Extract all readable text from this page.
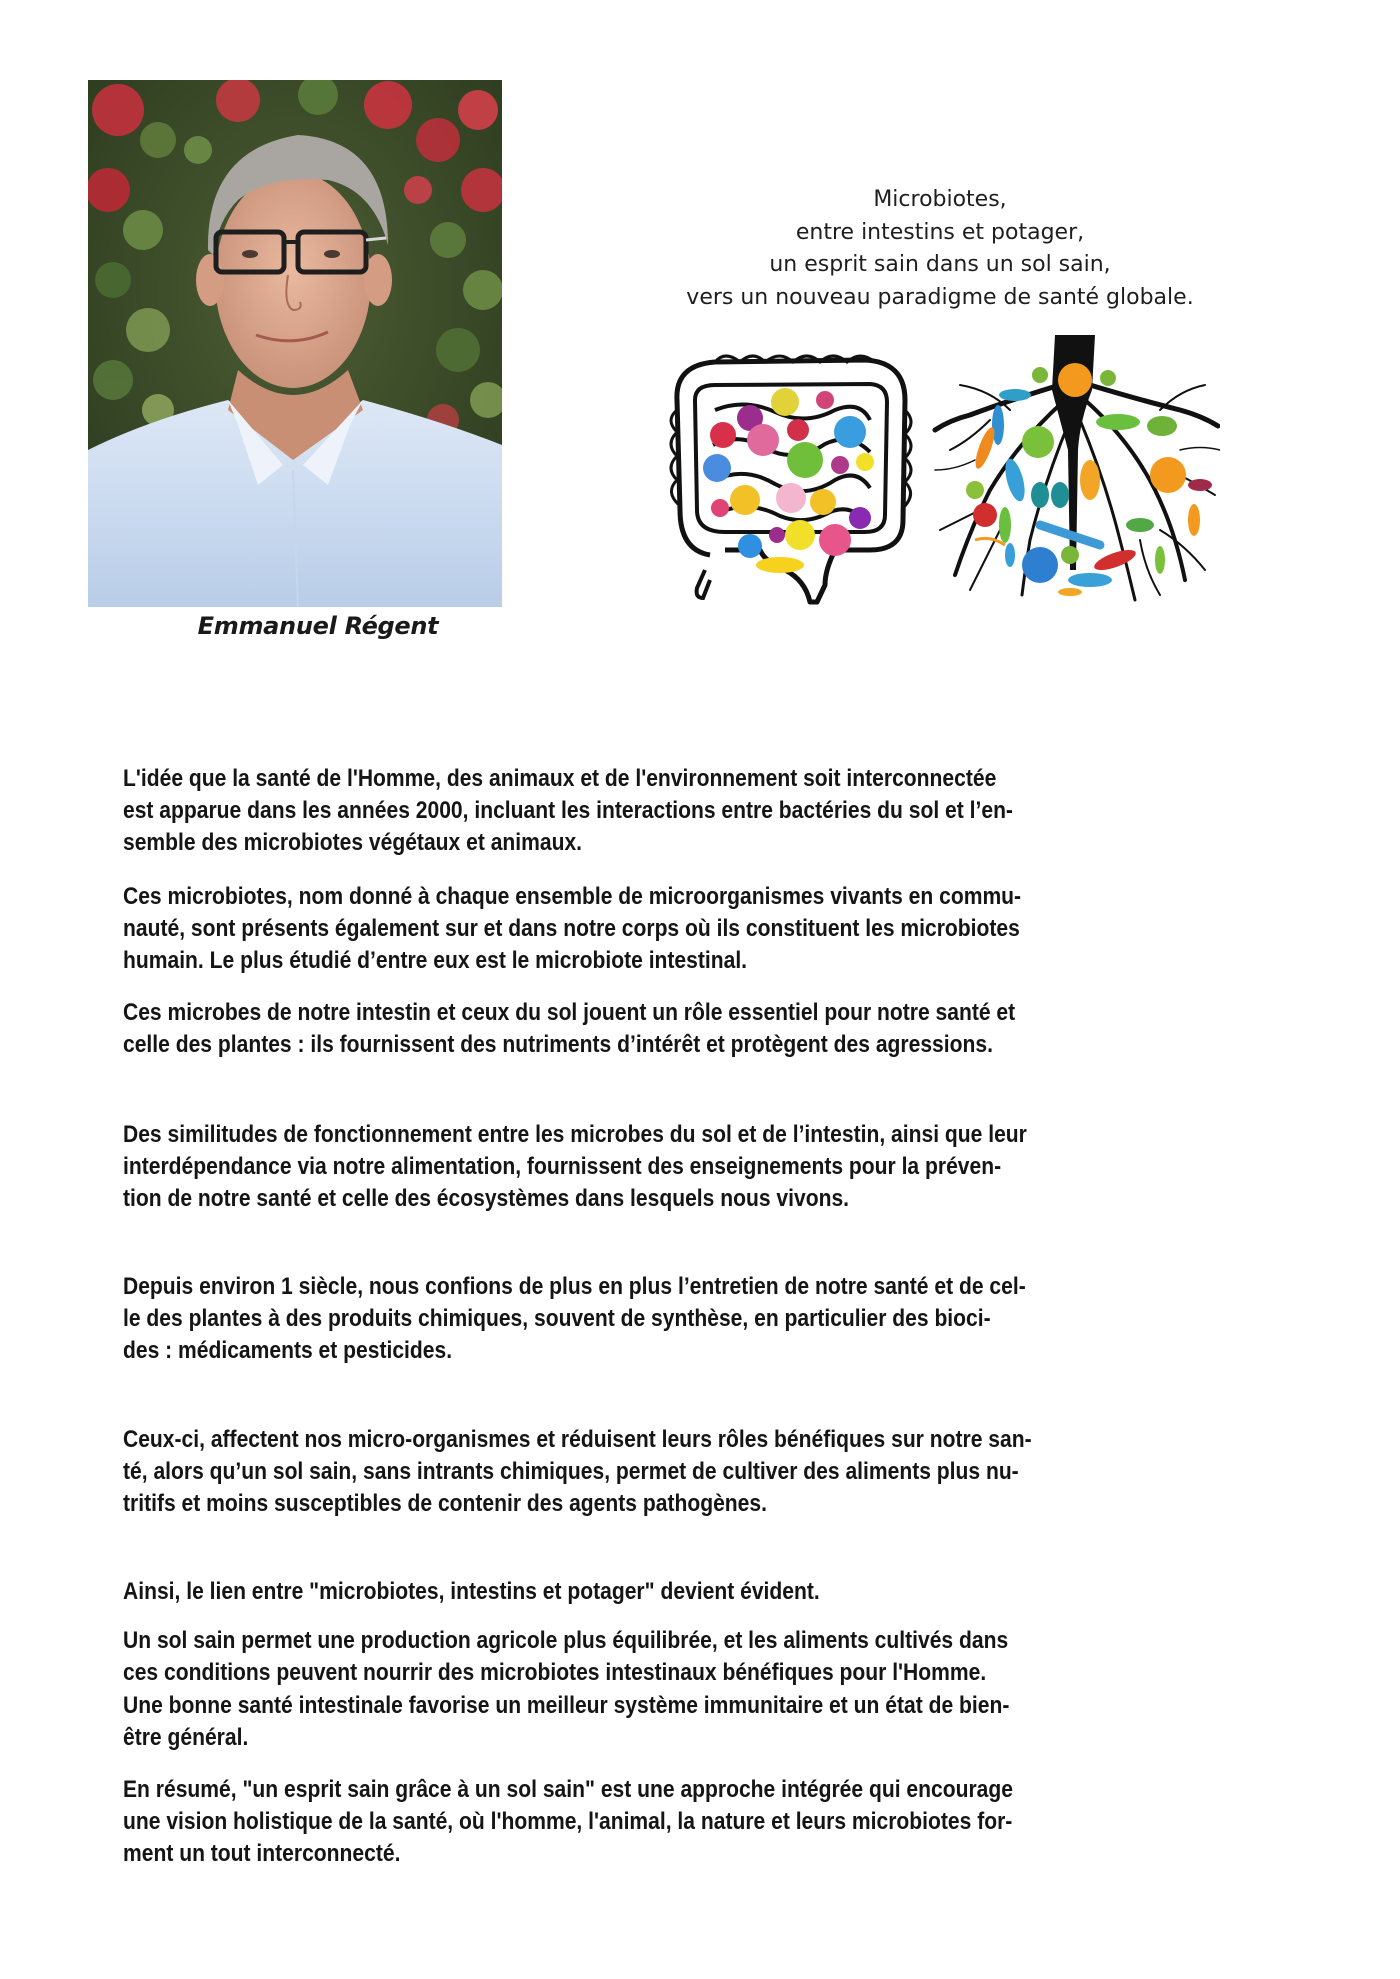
Emmanuel Régent
Microbiotes,
entre intestins et potager,
un esprit sain dans un sol sain,
vers un nouveau paradigme de santé globale.
L'idée que la santé de l'Homme, des animaux et de l'environnement soit interconnectée
est apparue dans les années 2000, incluant les interactions entre bactéries du sol et l’en-
semble des microbiotes végétaux et animaux.
Ces microbiotes, nom donné à chaque ensemble de microorganismes vivants en commu-
nauté, sont présents également sur et dans notre corps où ils constituent les microbiotes
humain. Le plus étudié d’entre eux est le microbiote intestinal.
Ces microbes de notre intestin et ceux du sol jouent un rôle essentiel pour notre santé et
celle des plantes : ils fournissent des nutriments d’intérêt et protègent des agressions.
Des similitudes de fonctionnement entre les microbes du sol et de l’intestin, ainsi que leur
interdépendance via notre alimentation, fournissent des enseignements pour la préven-
tion de notre santé et celle des écosystèmes dans lesquels nous vivons.
Depuis environ 1 siècle, nous confions de plus en plus l’entretien de notre santé et de cel-
le des plantes à des produits chimiques, souvent de synthèse, en particulier des bioci-
des : médicaments et pesticides.
Ceux-ci, affectent nos micro-organismes et réduisent leurs rôles bénéfiques sur notre san-
té, alors qu’un sol sain, sans intrants chimiques, permet de cultiver des aliments plus nu-
tritifs et moins susceptibles de contenir des agents pathogènes.
Ainsi, le lien entre "microbiotes, intestins et potager" devient évident.
Un sol sain permet une production agricole plus équilibrée, et les aliments cultivés dans
ces conditions peuvent nourrir des microbiotes intestinaux bénéfiques pour l'Homme.
Une bonne santé intestinale favorise un meilleur système immunitaire et un état de bien-
être général.
En résumé, "un esprit sain grâce à un sol sain" est une approche intégrée qui encourage
une vision holistique de la santé, où l'homme, l'animal, la nature et leurs microbiotes for-
ment un tout interconnecté.
